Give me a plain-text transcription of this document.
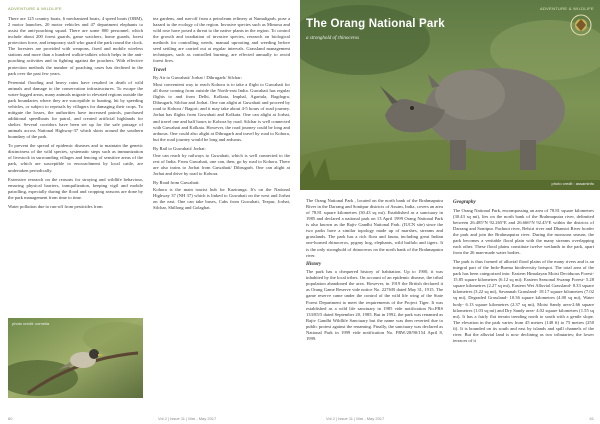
ADVENTURE & WILDLIFE

There are 125 country boats, 6 mechanized boats, 4 speed boats (OBM), 2 motor launches, 20 motor vehicles and 47 department elephants to assist the anti-poaching squad. There are some 800 personnel, which include about 200 forest guards, game watchers, home guards, forest protection force, and temporary staff who guard the park round the clock. The foresters are provided with weapons, fixed and mobile wireless stations and more than a hundred walkie-talkies which helps in the anti-poaching activities and in fighting against the poachers. With effective protection methods the number of poaching cases has declined in the park over the past few years.

Perennial flooding and heavy rains have resulted in death of wild animals and damage to the conservation infrastructures. To escape the water-logged areas, many animals migrate to elevated regions outside the park boundaries where they are susceptible to hunting, hit by speeding vehicles, or subject to reprisals by villagers for damaging their crops. To mitigate the losses, the authorities have increased patrols, purchased additional speedboats for patrol, and created artificial highlands for shelter. Several corridors have been set up for the safe passage of animals across National Highway-37 which skirts around the southern boundary of the park.

To prevent the spread of epidemic diseases and to maintain the genetic distinctness of the wild species, systematic steps such as immunization of livestock in surrounding villages and fencing of sensitive areas of the park, which are susceptible to encroachment by local cattle, are undertaken periodically.

Extensive research on the reasons for straying and wildlife behaviour, ensuring physical barriers, tranquilization, keeping vigil and mobile patrolling, especially during the flood and cropping seasons are done by the park management from time to time.

Water pollution due to run-off from pesticides from

tea gardens, and run-off from a petroleum refinery at Numaligarh, pose a hazard to the ecology of the region. Invasive species such as Mimosa and wild rose have posed a threat to the native plants in the region. To control the growth and irradiation of invasive species, research on biological methods for controlling weeds, manual uprooting and weeding before seed settling are carried out at regular intervals. Grassland management techniques, such as controlled burning, are effected annually to avoid forest fires.

Travel

By Air to Guwahati/ Jorhat / Dibrugarh/ Silchar:

Most convenient way to reach Kohora is to take a flight to Guwahati for all those coming from outside the North-east India. Guwahati has regular flights to and from Delhi, Kolkata, Imphal, Agartala, Bagdogra, Dibrugarh, Silchar and Jorhat. One can alight at Guwahati and proceed by road to Kohora / Bagori; and it may take about 4-5 hours of road journey. Jorhat has flights from Guwahati and Kolkata. One can alight at Jorhat, and travel one and half hours to Kohora by road. Silchar is well connected with Guwahati and Kolkata. However, the road journey could be long and arduous. One could also alight at Dibrugarh and travel by road to Kohora, but the road journey would be long and arduous.

By Rail to Guwahati/ Jorhat:

One can reach by railways to Guwahati, which is well connected to the rest of India. From Guwahati, one can, then, go by road to Kohora. There are also trains to Jorhat from Guwahati/ Dibrugarh. One can alight at Jorhat and drive by road to Kohora.

By Road from Guwahati:

Kohora is the main tourist hub for Kaziranga. It's on the National Highway 37 (NH 37) which is linked to Guwahati on the west and Jorhat on the east. One can take buses, Cabs from Guwahati, Tezpur, Jorhat, Silchar, Shillong and Golaghat.

photo credit: cornelia
60	Vol 2 | Issue 11 | Mar - May 2017
The Orang National Park
a stronghold of rhinoceros
photo credit : assaminfo
ADVENTURE & WILDLIFE

The Orang National Park , located on the north bank of the Brahmaputra River in the Darrang and Sonitpur districts of Assam, India, covers an area of 78.81 square kilometres (30.43 sq mi). Established as a sanctuary in 1985 and declared a national park on 13 April 1999 Orang National Park is also known as the Rajiv Gandhi National Park. (IUCN site) since the two parks have a similar topology made up of marshes, streams and grasslands. The park has a rich flora and fauna, including great Indian one-horned rhinoceros, pygmy hog, elephants, wild buffalo and tigers. It is the only stronghold of rhinoceros on the north bank of the Brahmaputra river.

History

The park has a chequered history of habitation. Up to 1900, it was inhabited by the local tribes. On account of an epidemic disease, the tribal population abandoned the area. However, in 1919 the British declared it as Orang Game Reserve vide notice No. 2276/R dated May 31, 1915. The game reserve came under the control of the wild life wing of the State Forest Department to meet the requirements of the Project Tiger. It was established as a wild life sanctuary in 1985 vide notification No.FRS 133/85/5 dated September 20, 1985. But in 1992, the park was renamed as Rajiv Gandhi Wildlife Sanctuary but the name was then reverted due to public protest against the renaming. Finally, the sanctuary was declared as National Park in 1999 vide notification No. FRW/28/90/154 April 8, 1999.

Geography

The Orang National Park, encompassing an area of 78.81 square kilometres (30.43 sq mi), lies on the north bank of the Brahmaputra river, delimited between 26.485°N 92.265°E and 26.666°N 92.45°E within the districts of Darrang and Sonitpur. Pachnoi river, Belsiri river and Dhansiri River border the park and join the Brahmaputra river. During the monsoon season, the park becomes a veritable flood plain with the many streams overlapping each other. These flood plains constitute twelve wetlands in the park, apart from the 26 man-made water bodies.

The park is thus formed of alluvial flood plains of the many rivers and is an integral part of the Indo-Burma biodiversity hotspot. The total area of the park has been categorized into: Eastern Himalayan Moist Deciduous Forest-15.85 square kilometres (6.12 sq mi); Eastern Seasonal Swamp Forest- 5.28 square kilometres (2.27 sq mi), Eastern Wet Alluvial Grassland- 8.33 square kilometres (3.22 sq mi), Savannah Grassland- 18.17 square kilometres (7.02 sq mi), Degraded Grassland- 10.36 square kilometres (4.00 sq mi), Water body- 6.13 square kilometres (2.37 sq mi), Moist Sandy area-2.66 square kilometres (1.03 sq mi) and Dry Sandy area- 4.02 square kilometres (1.55 sq mi). It has a fairly flat terrain trending north to south with a gentle slope. The elevation in the park varies from 45 metres (148 ft) to 75 metres (250 ft). It is bounded on its south and east by islands and spill channels of the river. But the alluvial land is now declining as two tributaries; the lower terraces of it

Vol 2 | Issue 11 | Mar - May 2017	61
